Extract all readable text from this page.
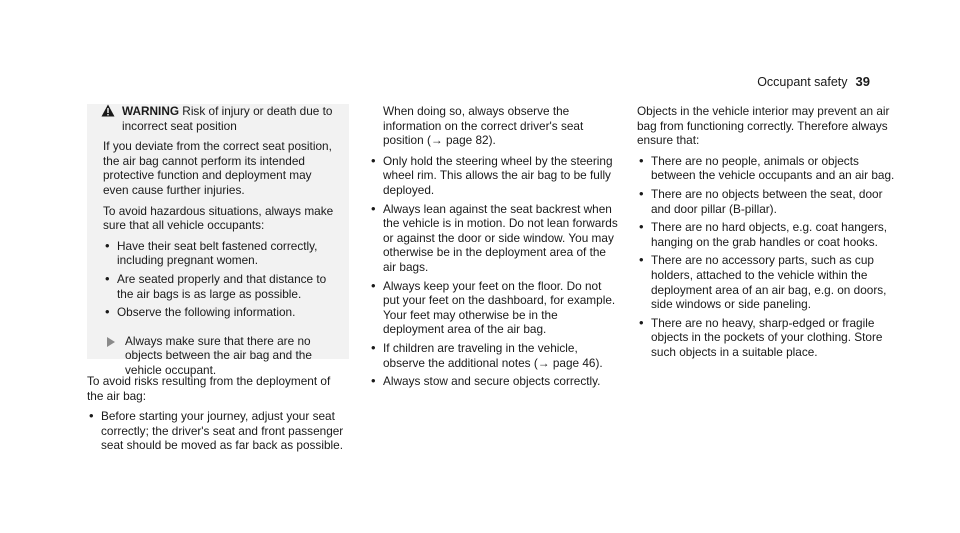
Occupant safety 39
WARNING Risk of injury or death due to incorrect seat position

If you deviate from the correct seat position, the air bag cannot perform its intended protective function and deployment may even cause further injuries.

To avoid hazardous situations, always make sure that all vehicle occupants:

• Have their seat belt fastened correctly, including pregnant women.
• Are seated properly and that distance to the air bags is as large as possible.
• Observe the following information.
Always make sure that there are no objects between the air bag and the vehicle occupant.

To avoid risks resulting from the deployment of the air bag:

• Before starting your journey, adjust your seat correctly; the driver's seat and front passenger seat should be moved as far back as possible.

When doing so, always observe the information on the correct driver's seat position (→ page 82).

• Only hold the steering wheel by the steering wheel rim. This allows the air bag to be fully deployed.
• Always lean against the seat backrest when the vehicle is in motion. Do not lean forwards or against the door or side window. You may otherwise be in the deployment area of the air bags.
• Always keep your feet on the floor. Do not put your feet on the dashboard, for example. Your feet may otherwise be in the deployment area of the air bag.
• If children are traveling in the vehicle, observe the additional notes (→ page 46).
• Always stow and secure objects correctly.

Objects in the vehicle interior may prevent an air bag from functioning correctly. Therefore always ensure that:

• There are no people, animals or objects between the vehicle occupants and an air bag.
• There are no objects between the seat, door and door pillar (B-pillar).
• There are no hard objects, e.g. coat hangers, hanging on the grab handles or coat hooks.
• There are no accessory parts, such as cup holders, attached to the vehicle within the deployment area of an air bag, e.g. on doors, side windows or side paneling.
• There are no heavy, sharp-edged or fragile objects in the pockets of your clothing. Store such objects in a suitable place.
